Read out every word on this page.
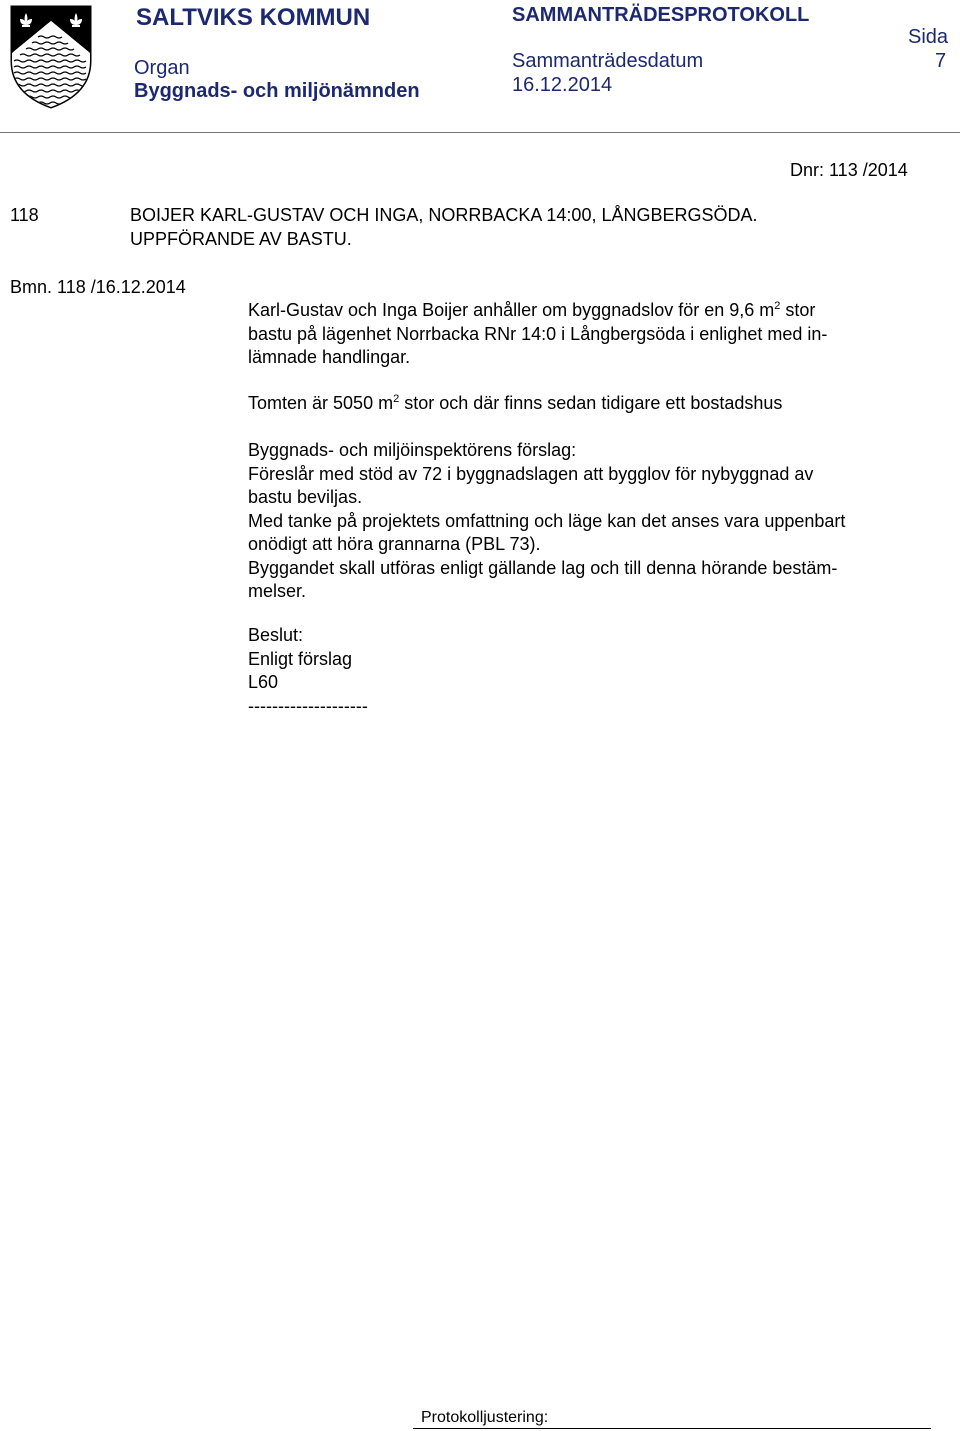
SALTVIKS KOMMUN
Organ
Byggnads- och miljönämnden
SAMMANTRÄDESPROTOKOLL
Sammanträdesdatum
16.12.2014
Sida
7
Dnr: 113 /2014
118	BOIJER KARL-GUSTAV OCH INGA, NORRBACKA 14:00, LÅNGBERGSÖDA.
UPPFÖRANDE AV BASTU.
Bmn. 118 /16.12.2014
Karl-Gustav och Inga Boijer anhåller om byggnadslov för en 9,6 $m^2$ stor
bastu på lägenhet Norrbacka RNr 14:0 i Långbergsöda i enlighet med in-
lämnade handlingar.
Tomten är 5050 $m^2$ stor och där finns sedan tidigare ett bostadshus
Byggnads- och miljöinspektörens förslag:
Föreslår med stöd av 72 i byggnadslagen att bygglov för nybyggnad av
bastu beviljas.
Med tanke på projektets omfattning och läge kan det anses vara uppenbart
onödigt att höra grannarna (PBL 73).
Byggandet skall utföras enligt gällande lag och till denna hörande bestäm-
melser.
Beslut:
Enligt förslag
L60
--------------------
Protokolljustering:
